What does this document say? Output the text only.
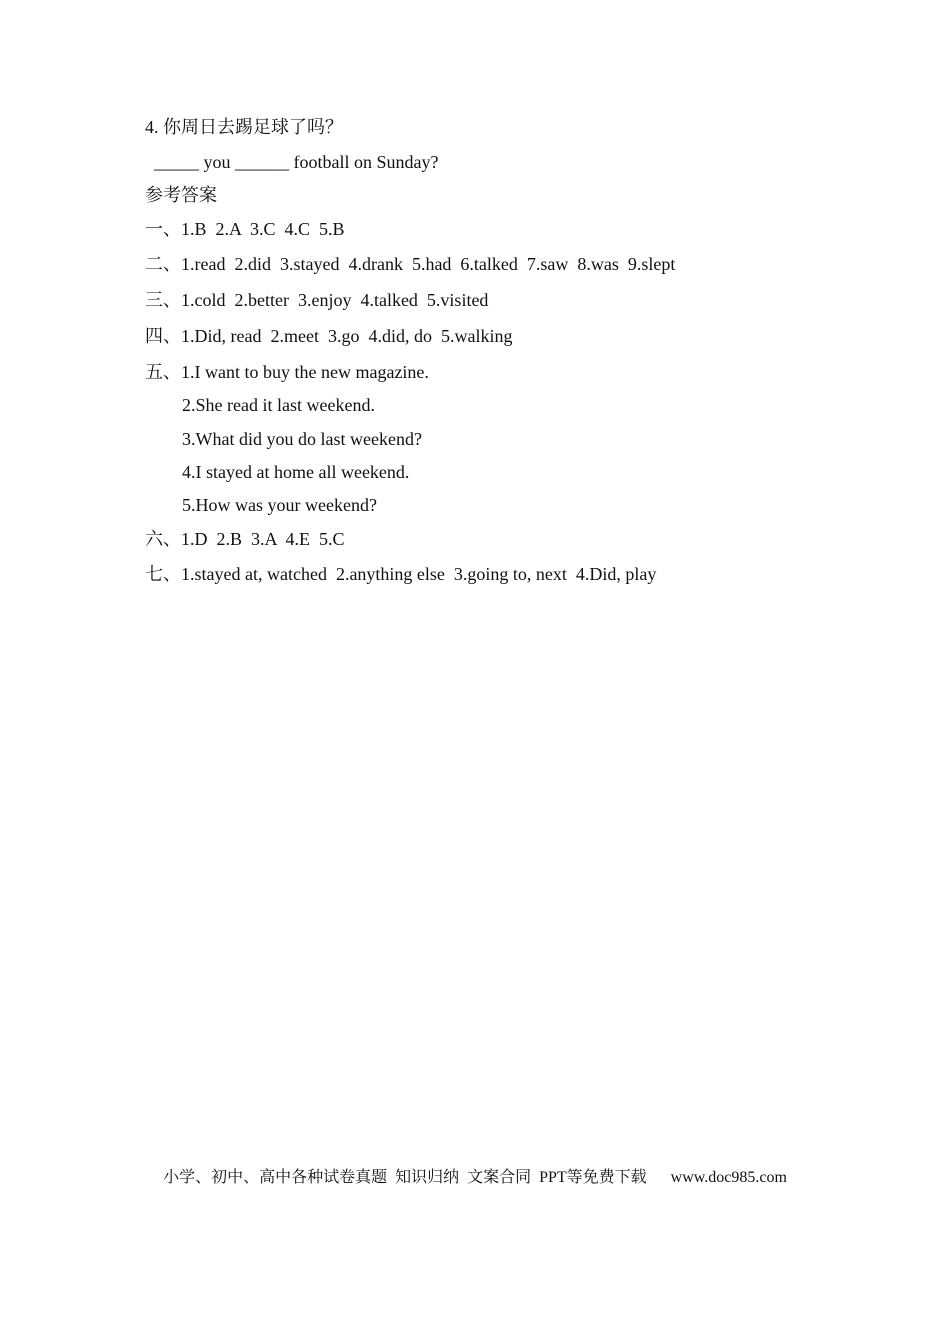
4. 你周日去踢足球了吗？
_____ you ______ football on Sunday?
参考答案
一、1.B  2.A  3.C  4.C  5.B
二、1.read  2.did  3.stayed  4.drank  5.had  6.talked  7.saw  8.was  9.slept
三、1.cold  2.better  3.enjoy  4.talked  5.visited
四、1.Did, read  2.meet  3.go  4.did, do  5.walking
五、1.I want to buy the new magazine.
2.She read it last weekend.
3.What did you do last weekend?
4.I stayed at home all weekend.
5.How was your weekend?
六、1.D  2.B  3.A  4.E  5.C
七、1.stayed at, watched  2.anything else  3.going to, next  4.Did, play
小学、初中、高中各种试卷真题  知识归纳  文案合同  PPT等免费下载      www.doc985.com
